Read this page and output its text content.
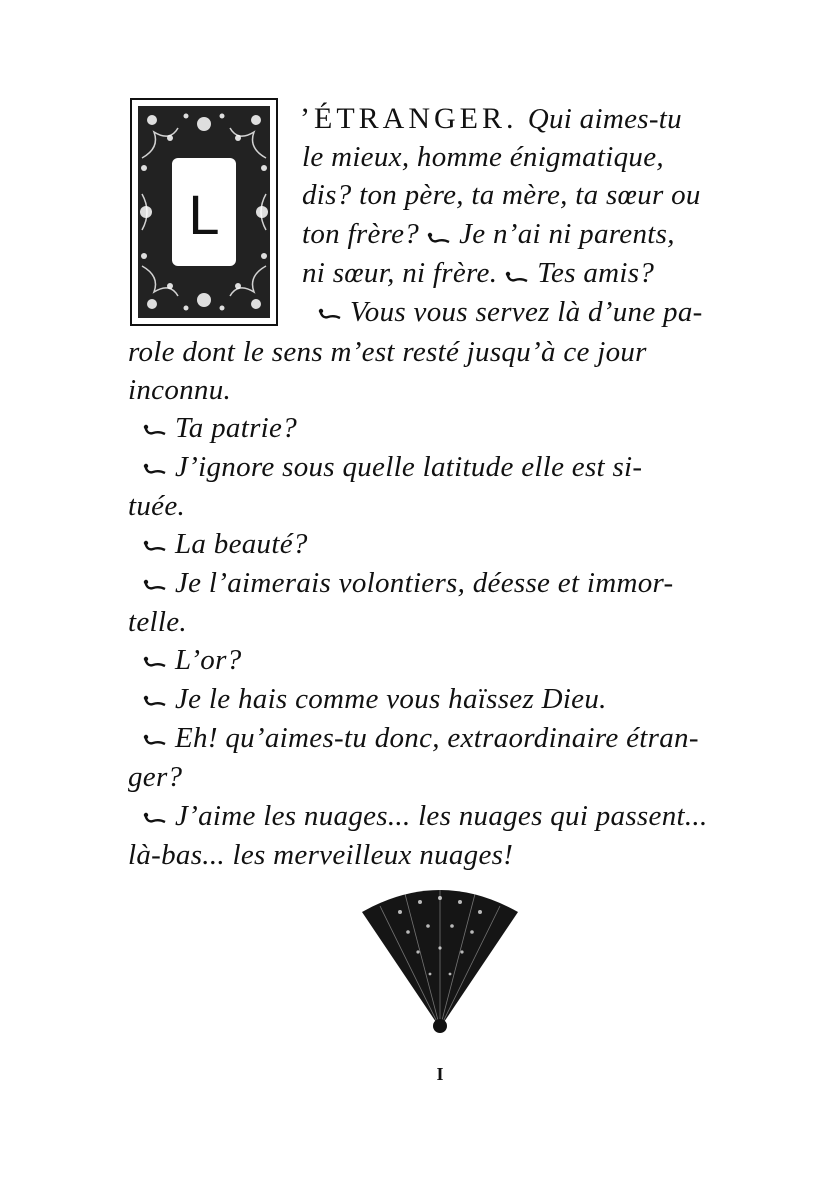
L
’ÉTRANGER. Qui aimes-tu
le mieux, homme énigmatique,
dis? ton père, ta mère, ta sœur ou
ton frère? Je n’ai ni parents,
ni sœur, ni frère. Tes amis?
Vous vous servez là d’une pa-
role dont le sens m’est resté jusqu’à ce jour
inconnu.
Ta patrie?
J’ignore sous quelle latitude elle est si-
tuée.
La beauté?
Je l’aimerais volontiers, déesse et immor-
telle.
L’or?
Je le hais comme vous haïssez Dieu.
Eh! qu’aimes-tu donc, extraordinaire étran-
ger?
J’aime les nuages... les nuages qui passent...
là-bas... les merveilleux nuages!
I
